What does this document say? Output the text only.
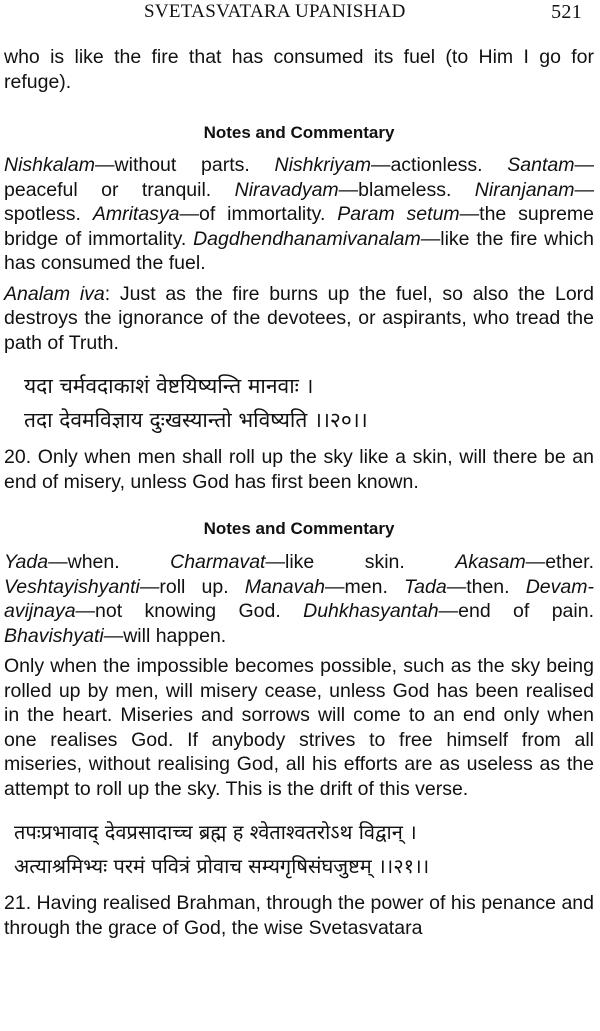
SVETASVATARA UPANISHAD	521

who is like the fire that has consumed its fuel (to Him I go for refuge).

Notes and Commentary

Nishkalam—without parts. Nishkriyam—actionless. Santam— peaceful or tranquil. Niravadyam—blameless. Niranjanam— spotless. Amritasya—of immortality. Param setum—the supreme bridge of immortality. Dagdhendhanamivanalam—like the fire which has consumed the fuel.

Analam iva: Just as the fire burns up the fuel, so also the Lord destroys the ignorance of the devotees, or aspirants, who tread the path of Truth.

यदा चर्मवदाकाशं वेष्टयिष्यन्ति मानवाः ।
तदा देवमविज्ञाय दुःखस्यान्तो भविष्यति ।।२०।।

20. Only when men shall roll up the sky like a skin, will there be an end of misery, unless God has first been known.

Notes and Commentary

Yada—when. Charmavat—like skin. Akasam—ether. Veshtayishyanti—roll up. Manavah—men. Tada—then. Devam-avijnaya—not knowing God. Duhkhasyantah—end of pain. Bhavishyati—will happen.

Only when the impossible becomes possible, such as the sky being rolled up by men, will misery cease, unless God has been realised in the heart. Miseries and sorrows will come to an end only when one realises God. If anybody strives to free himself from all miseries, without realising God, all his efforts are as useless as the attempt to roll up the sky. This is the drift of this verse.

तपःप्रभावाद् देवप्रसादाच्च ब्रह्म ह श्वेताश्वतरोऽथ विद्वान् ।
अत्याश्रमिभ्यः परमं पवित्रं प्रोवाच सम्यगृषिसंघजुष्टम् ।।२१।।

21. Having realised Brahman, through the power of his penance and through the grace of God, the wise Svetasvatara
